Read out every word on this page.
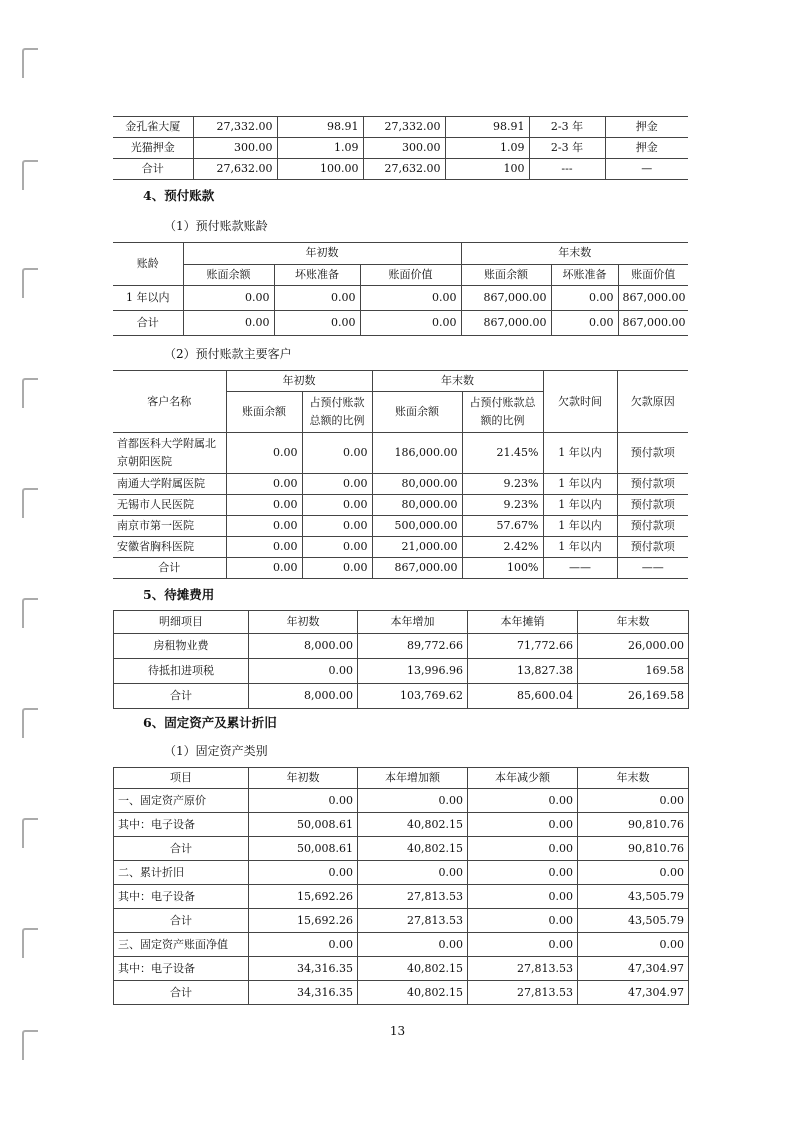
金孔雀大厦	27,332.00	98.91	27,332.00	98.91	2-3 年	押金
光猫押金	300.00	1.09	300.00	1.09	2-3 年	押金
合计	27,632.00	100.00	27,632.00	100	---	—
4、预付账款
（1）预付账款账龄
账龄	年初数			年末数		
	账面余额	坏账准备	账面价值	账面余额	坏账准备	账面价值
1 年以内	0.00	0.00	0.00	867,000.00	0.00	867,000.00
合计	0.00	0.00	0.00	867,000.00	0.00	867,000.00
（2）预付账款主要客户
客户名称	年初数		年末数		欠款时间	欠款原因
	账面余额	占预付账款总额的比例	账面余额	占预付账款总额的比例		
首都医科大学附属北京朝阳医院	0.00	0.00	186,000.00	21.45%	1 年以内	预付款项
南通大学附属医院	0.00	0.00	80,000.00	9.23%	1 年以内	预付款项
无锡市人民医院	0.00	0.00	80,000.00	9.23%	1 年以内	预付款项
南京市第一医院	0.00	0.00	500,000.00	57.67%	1 年以内	预付款项
安徽省胸科医院	0.00	0.00	21,000.00	2.42%	1 年以内	预付款项
合计	0.00	0.00	867,000.00	100%	——	——
5、待摊费用
明细项目	年初数	本年增加	本年摊销	年末数
房租物业费	8,000.00	89,772.66	71,772.66	26,000.00
待抵扣进项税	0.00	13,996.96	13,827.38	169.58
合计	8,000.00	103,769.62	85,600.04	26,169.58
6、固定资产及累计折旧
（1）固定资产类别
项目	年初数	本年增加额	本年减少额	年末数
一、固定资产原价	0.00	0.00	0.00	0.00
其中：电子设备	50,008.61	40,802.15	0.00	90,810.76
合计	50,008.61	40,802.15	0.00	90,810.76
二、累计折旧	0.00	0.00	0.00	0.00
其中：电子设备	15,692.26	27,813.53	0.00	43,505.79
合计	15,692.26	27,813.53	0.00	43,505.79
三、固定资产账面净值	0.00	0.00	0.00	0.00
其中：电子设备	34,316.35	40,802.15	27,813.53	47,304.97
合计	34,316.35	40,802.15	27,813.53	47,304.97
13
